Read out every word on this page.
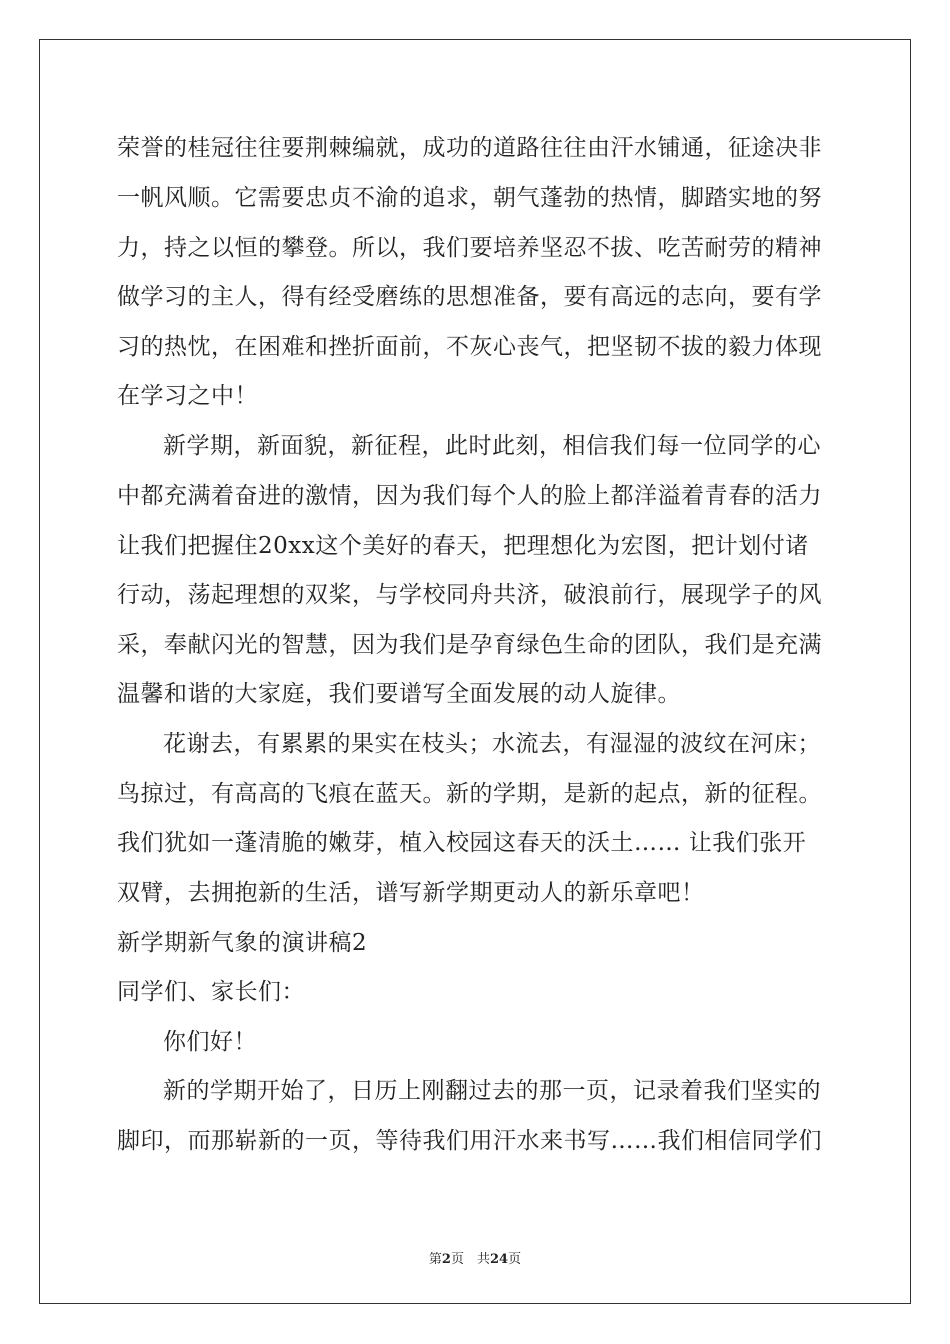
荣誉的桂冠往往要荆棘编就，成功的道路往往由汗水铺通，征途决非
一帆风顺。它需要忠贞不渝的追求，朝气蓬勃的热情，脚踏实地的努
力，持之以恒的攀登。所以，我们要培养坚忍不拔、吃苦耐劳的精神
做学习的主人，得有经受磨练的思想准备，要有高远的志向，要有学
习的热忱，在困难和挫折面前，不灰心丧气，把坚韧不拔的毅力体现
在学习之中！
新学期，新面貌，新征程，此时此刻，相信我们每一位同学的心
中都充满着奋进的激情，因为我们每个人的脸上都洋溢着青春的活力
让我们把握住20xx这个美好的春天，把理想化为宏图，把计划付诸
行动，荡起理想的双桨，与学校同舟共济，破浪前行，展现学子的风
采，奉献闪光的智慧，因为我们是孕育绿色生命的团队，我们是充满
温馨和谐的大家庭，我们要谱写全面发展的动人旋律。
花谢去，有累累的果实在枝头；水流去，有湿湿的波纹在河床；
鸟掠过，有高高的飞痕在蓝天。新的学期，是新的起点，新的征程。
我们犹如一蓬清脆的嫩芽，植入校园这春天的沃土…… 让我们张开
双臂，去拥抱新的生活，谱写新学期更动人的新乐章吧！
新学期新气象的演讲稿2
同学们、家长们：
你们好！
新的学期开始了，日历上刚翻过去的那一页，记录着我们坚实的
脚印，而那崭新的一页，等待我们用汗水来书写……我们相信同学们
第2页　共24页
